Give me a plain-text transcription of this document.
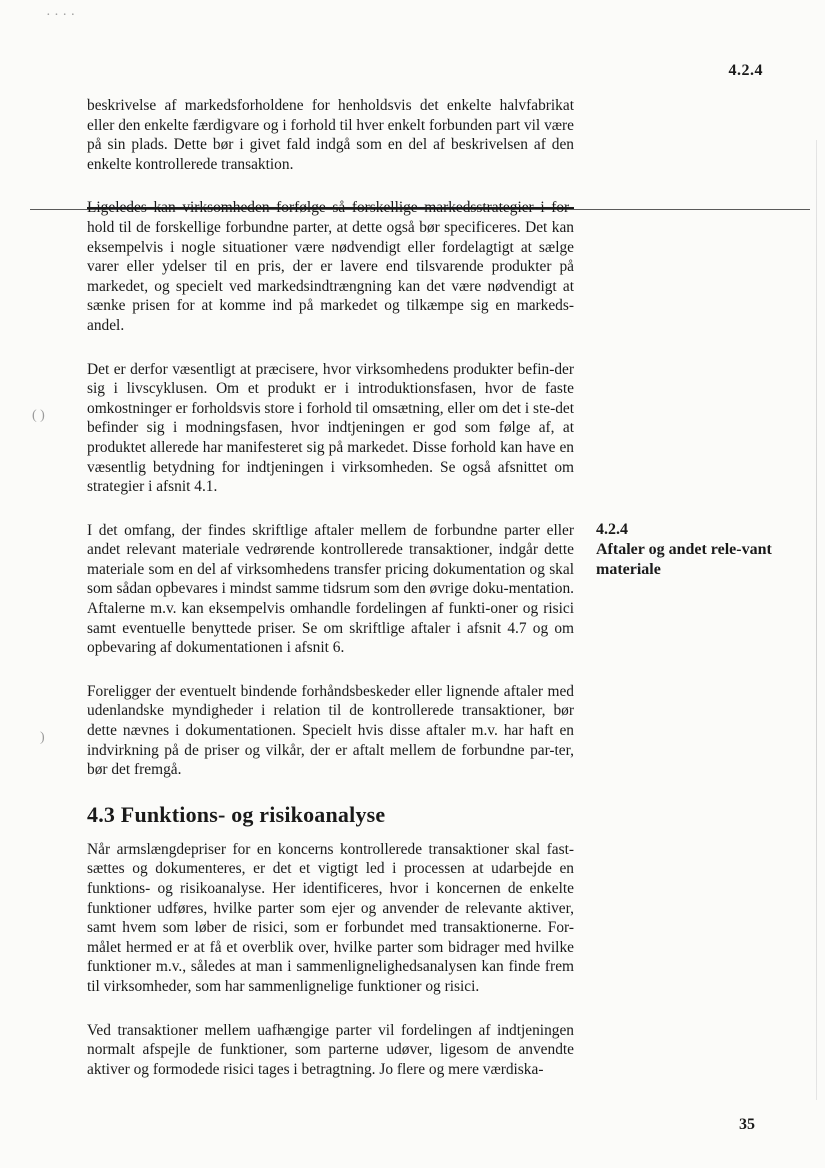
· · · ·
( )
)
4.2.4

beskrivelse af markedsforholdene for henholdsvis det enkelte halvfabrikat eller den enkelte færdigvare og i forhold til hver enkelt forbunden part vil være på sin plads. Dette bør i givet fald indgå som en del af beskrivelsen af den enkelte kontrollerede transaktion.

Ligeledes kan virksomheden forfølge så forskellige markedsstrategier i for- hold til de forskellige forbundne parter, at dette også bør specificeres. Det kan eksempelvis i nogle situationer være nødvendigt eller fordelagtigt at sælge varer eller ydelser til en pris, der er lavere end tilsvarende produkter på markedet, og specielt ved markedsindtrængning kan det være nødvendigt at sænke prisen for at komme ind på markedet og tilkæmpe sig en markeds-andel.

Det er derfor væsentligt at præcisere, hvor virksomhedens produkter befin-der sig i livscyklusen. Om et produkt er i introduktionsfasen, hvor de faste omkostninger er forholdsvis store i forhold til omsætning, eller om det i ste-det befinder sig i modningsfasen, hvor indtjeningen er god som følge af, at produktet allerede har manifesteret sig på markedet. Disse forhold kan have en væsentlig betydning for indtjeningen i virksomheden. Se også afsnittet om strategier i afsnit 4.1.

I det omfang, der findes skriftlige aftaler mellem de forbundne parter eller andet relevant materiale vedrørende kontrollerede transaktioner, indgår dette materiale som en del af virksomhedens transfer pricing dokumentation og skal som sådan opbevares i mindst samme tidsrum som den øvrige doku-mentation. Aftalerne m.v. kan eksempelvis omhandle fordelingen af funkti-oner og risici samt eventuelle benyttede priser. Se om skriftlige aftaler i afsnit 4.7 og om opbevaring af dokumentationen i afsnit 6.

Foreligger der eventuelt bindende forhåndsbeskeder eller lignende aftaler med udenlandske myndigheder i relation til de kontrollerede transaktioner, bør dette nævnes i dokumentationen. Specielt hvis disse aftaler m.v. har haft en indvirkning på de priser og vilkår, der er aftalt mellem de forbundne par-ter, bør det fremgå.

4.3 Funktions- og risikoanalyse

Når armslængdepriser for en koncerns kontrollerede transaktioner skal fast-sættes og dokumenteres, er det et vigtigt led i processen at udarbejde en funktions- og risikoanalyse. Her identificeres, hvor i koncernen de enkelte funktioner udføres, hvilke parter som ejer og anvender de relevante aktiver, samt hvem som løber de risici, som er forbundet med transaktionerne. For-målet hermed er at få et overblik over, hvilke parter som bidrager med hvilke funktioner m.v., således at man i sammenlignelighedsanalysen kan finde frem til virksomheder, som har sammenlignelige funktioner og risici.

Ved transaktioner mellem uafhængige parter vil fordelingen af indtjeningen normalt afspejle de funktioner, som parterne udøver, ligesom de anvendte aktiver og formodede risici tages i betragtning. Jo flere og mere værdiska-

4.2.4
Aftaler og andet rele-vant materiale
35
